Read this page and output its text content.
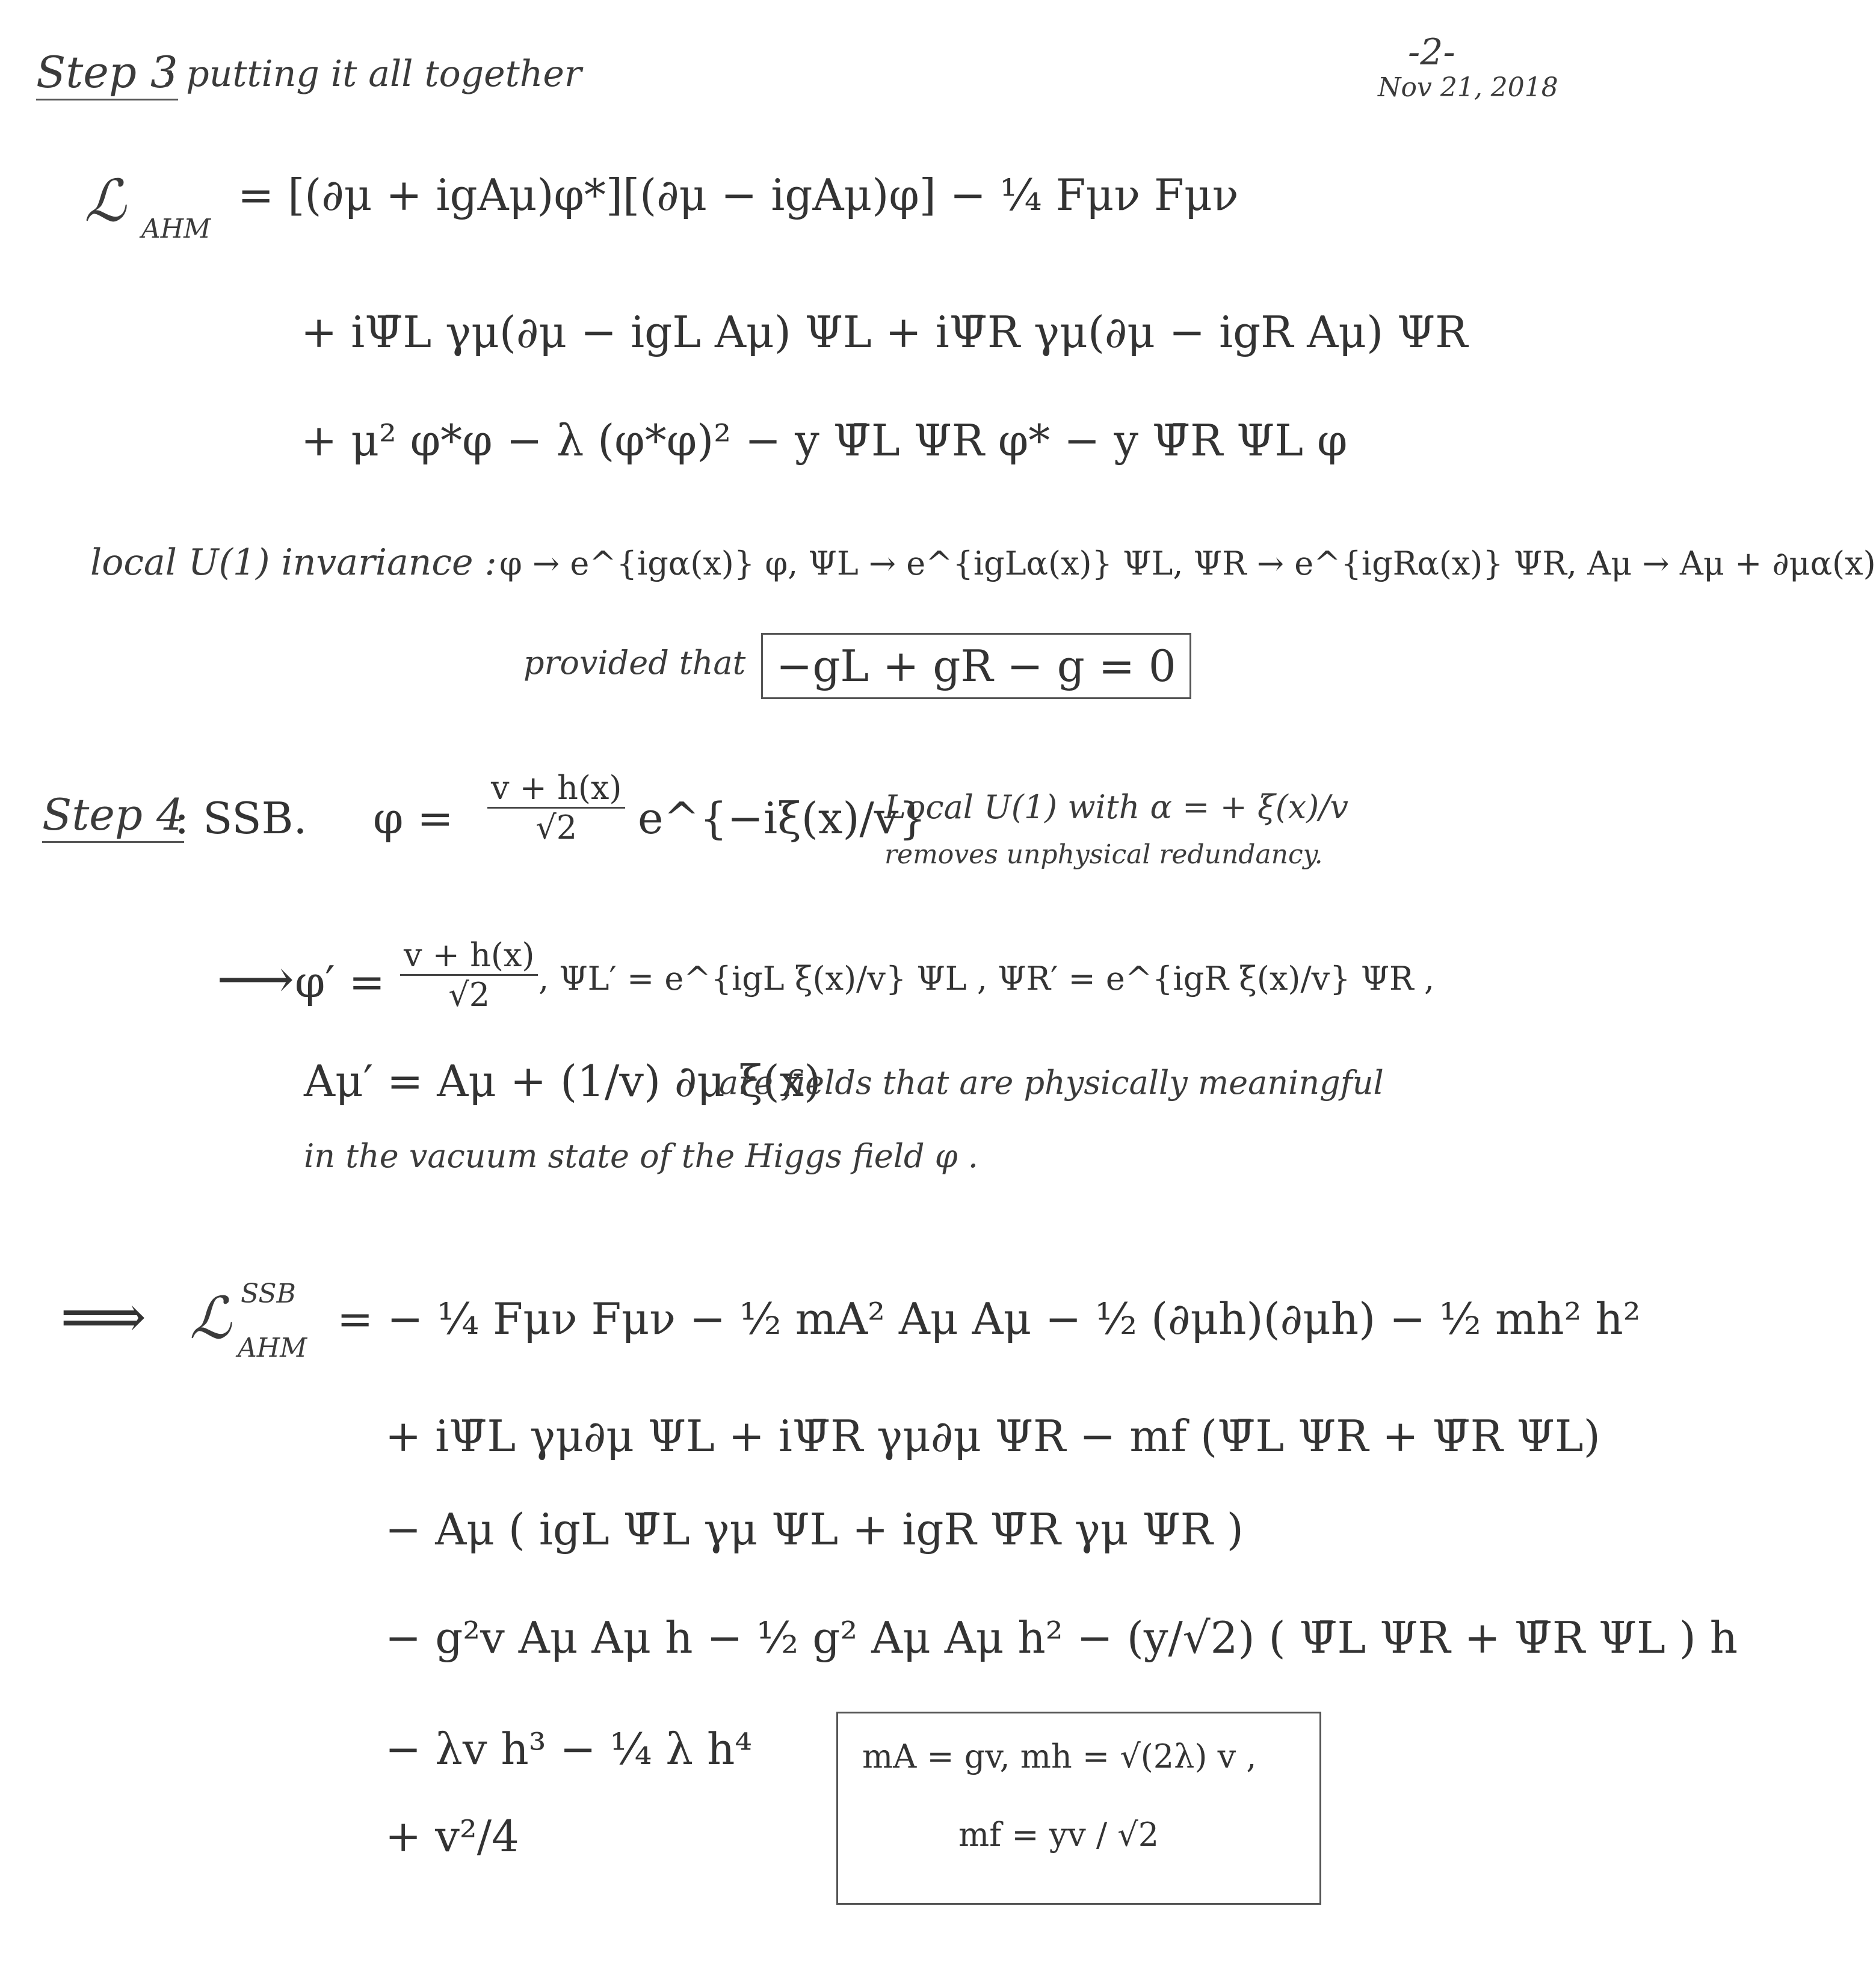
-2-
Nov 21, 2018
Step 3
: putting it all together
ℒ AHM
= [(∂μ + igAμ)φ*][(∂μ − igAμ)φ] − ¼ Fμν Fμν
+ iΨ̄L γμ(∂μ − igL Aμ) ΨL + iΨ̄R γμ(∂μ − igR Aμ) ΨR
+ μ² φ*φ − λ (φ*φ)² − y Ψ̄L ΨR φ* − y Ψ̄R ΨL φ
local U(1) invariance : φ → e^{igα(x)} φ, ΨL → e^{igLα(x)} ΨL, ΨR → e^{igRα(x)} ΨR, Aμ → Aμ + ∂μα(x)
provided that −gL + gR − g = 0
Step 4
: SSB. $\varphi = \frac{v + h(x)}{√2}$ e^{−iξ(x)/v}
Local U(1) with α = + ξ(x)/v
removes unphysical redundancy.
⟶ $\varphi' = \frac{v + h(x)}{√2}$ , ΨL′ = e^{igL ξ(x)/v} ΨL , ΨR′ = e^{igR ξ(x)/v} ΨR ,
Aμ′ = Aμ + (1/v) ∂μ ξ(x)
are fields that are physically meaningful
in the vacuum state of the Higgs field φ .
⟹ ℒ SSB
AHM
= − ¼ Fμν Fμν − ½ mA² Aμ Aμ − ½ (∂μh)(∂μh) − ½ mh² h²
+ iΨ̄L γμ∂μ ΨL + iΨ̄R γμ∂μ ΨR − mf (Ψ̄L ΨR + Ψ̄R ΨL)
− Aμ ( igL Ψ̄L γμ ΨL + igR Ψ̄R γμ ΨR )
− g²v Aμ Aμ h − ½ g² Aμ Aμ h² − (y/√2) ( Ψ̄L ΨR + Ψ̄R ΨL ) h
− λv h³ − ¼ λ h⁴
+ v²/4
mA = gv, mh = √(2λ) v ,
mf = yv / √2
